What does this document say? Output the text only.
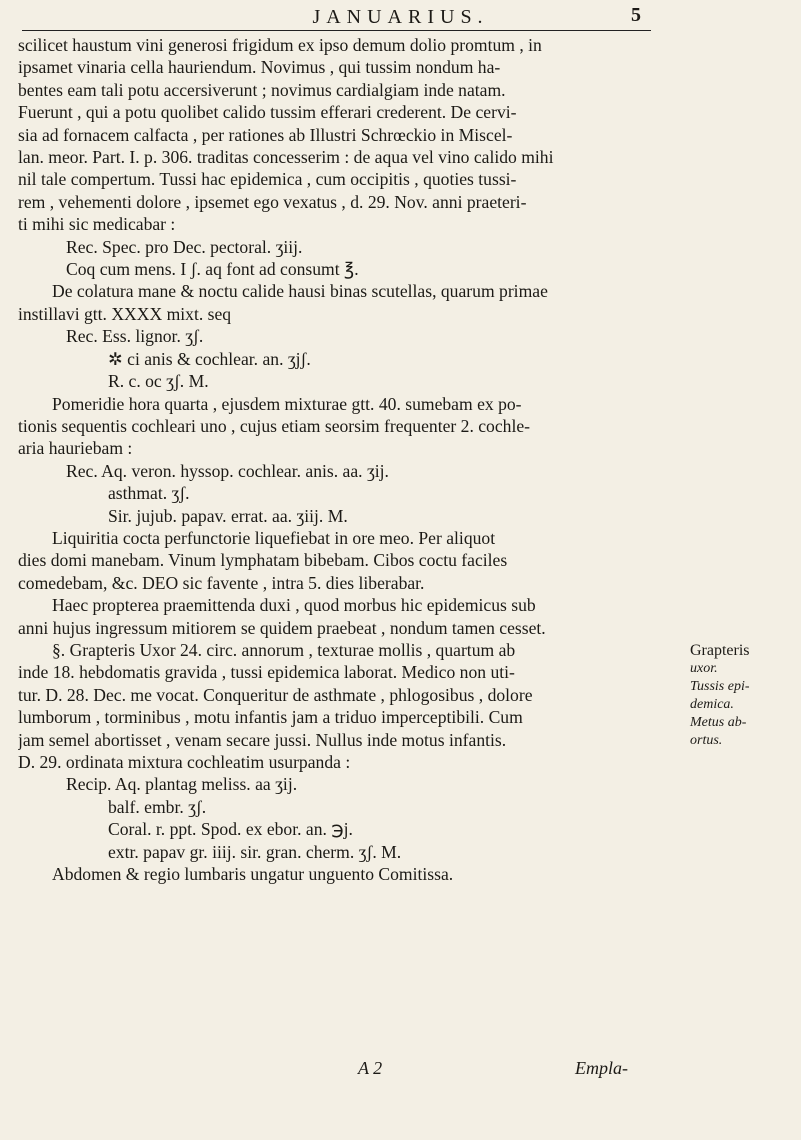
JANUARIUS.	5

scilicet haustum vini generosi frigidum ex ipso demum dolio promtum , in

ipsamet vinaria cella hauriendum. Novimus , qui tussim nondum ha-

bentes eam tali potu accersiverunt ; novimus cardialgiam inde natam.

Fuerunt , qui a potu quolibet calido tussim efferari crederent. De cervi-

sia ad fornacem calfacta , per rationes ab Illustri Schrœckio in Miscel-

lan. meor. Part. I. p. 306. traditas concesserim : de aqua vel vino calido mihi

nil tale compertum. Tussi hac epidemica , cum occipitis , quoties tussi-

rem , vehementi dolore , ipsemet ego vexatus , d. 29. Nov. anni praeteri-

ti mihi sic medicabar :

Rec. Spec. pro Dec. pectoral. ʒiij.

Coq cum mens. I ʃ. aq font ad consumt ℥.

De colatura mane & noctu calide hausi binas scutellas, quarum primae

instillavi gtt. XXXX mixt. seq

Rec. Ess. lignor. ʒʃ.

✲ ci anis & cochlear. an. ʒjʃ.

R. c. oc ʒʃ. M.

Pomeridie hora quarta , ejusdem mixturae gtt. 40. sumebam ex po-

tionis sequentis cochleari uno , cujus etiam seorsim frequenter 2. cochle-

aria hauriebam :

Rec. Aq. veron. hyssop. cochlear. anis. aa. ʒij.

asthmat. ʒʃ.

Sir. jujub. papav. errat. aa. ʒiij. M.

Liquiritia cocta perfunctorie liquefiebat in ore meo. Per aliquot

dies domi manebam. Vinum lymphatam bibebam. Cibos coctu faciles

comedebam, &c. DEO sic favente , intra 5. dies liberabar.

Haec propterea praemittenda duxi , quod morbus hic epidemicus sub

anni hujus ingressum mitiorem se quidem praebeat , nondum tamen cesset.

§. Grapteris Uxor 24. circ. annorum , texturae mollis , quartum ab

inde 18. hebdomatis gravida , tussi epidemica laborat. Medico non uti-

tur. D. 28. Dec. me vocat. Conqueritur de asthmate , phlogosibus , dolore

lumborum , torminibus , motu infantis jam a triduo imperceptibili. Cum

jam semel abortisset , venam secare jussi. Nullus inde motus infantis.

D. 29. ordinata mixtura cochleatim usurpanda :

Recip. Aq. plantag meliss. aa ʒij.

balf. embr. ʒʃ.

Coral. r. ppt. Spod. ex ebor. an. ℈j.

extr. papav gr. iiij. sir. gran. cherm. ʒʃ. M.

Abdomen & regio lumbaris ungatur unguento Comitissa.

Grapteris
uxor.
Tussis epi-
demica.
Metus ab-
ortus.
A 2	Empla-
